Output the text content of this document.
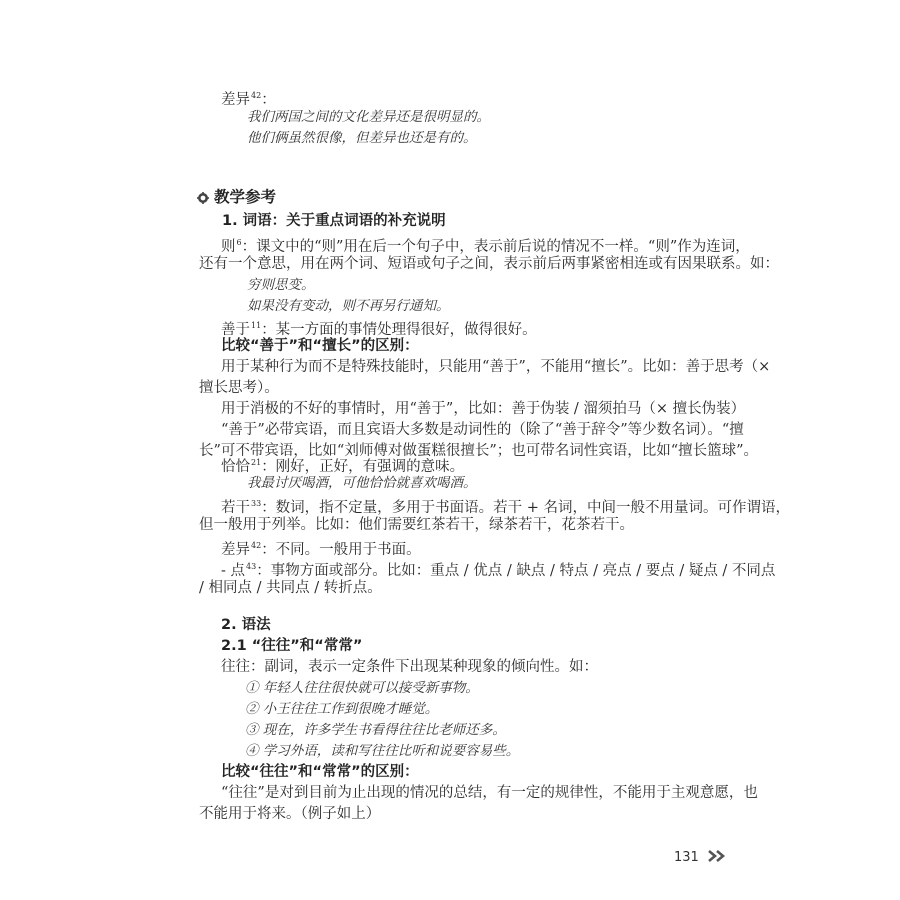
差异$^{42}$：
我们两国之间的文化差异还是很明显的。
他们俩虽然很像，但差异也还是有的。
教学参考
1. 词语：关于重点词语的补充说明
则$^6$：课文中的“则”用在后一个句子中，表示前后说的情况不一样。“则”作为连词，
还有一个意思，用在两个词、短语或句子之间，表示前后两事紧密相连或有因果联系。如：
穷则思变。
如果没有变动，则不再另行通知。
善于$^{11}$：某一方面的事情处理得很好，做得很好。
比较“善于”和“擅长”的区别：
用于某种行为而不是特殊技能时，只能用“善于”，不能用“擅长”。比如：善于思考（×
擅长思考）。
用于消极的不好的事情时，用“善于”，比如：善于伪装 / 溜须拍马（× 擅长伪装）
“善于”必带宾语，而且宾语大多数是动词性的（除了“善于辞令”等少数名词）。“擅
长”可不带宾语，比如“刘师傅对做蛋糕很擅长”；也可带名词性宾语，比如“擅长篮球”。
恰恰$^{21}$：刚好，正好，有强调的意味。
我最讨厌喝酒，可他恰恰就喜欢喝酒。
若干$^{33}$：数词，指不定量，多用于书面语。若干 + 名词，中间一般不用量词。可作谓语，
但一般用于列举。比如：他们需要红茶若干，绿茶若干，花茶若干。
差异$^{42}$：不同。一般用于书面。
- 点$^{43}$：事物方面或部分。比如：重点 / 优点 / 缺点 / 特点 / 亮点 / 要点 / 疑点 / 不同点
/ 相同点 / 共同点 / 转折点。
2. 语法
2.1 “往往”和“常常”
往往：副词，表示一定条件下出现某种现象的倾向性。如：
① 年轻人往往很快就可以接受新事物。
② 小王往往工作到很晚才睡觉。
③ 现在，许多学生书看得往往比老师还多。
④ 学习外语，读和写往往比听和说要容易些。
比较“往往”和“常常”的区别：
“往往”是对到目前为止出现的情况的总结，有一定的规律性，不能用于主观意愿，也
不能用于将来。（例子如上）
131
